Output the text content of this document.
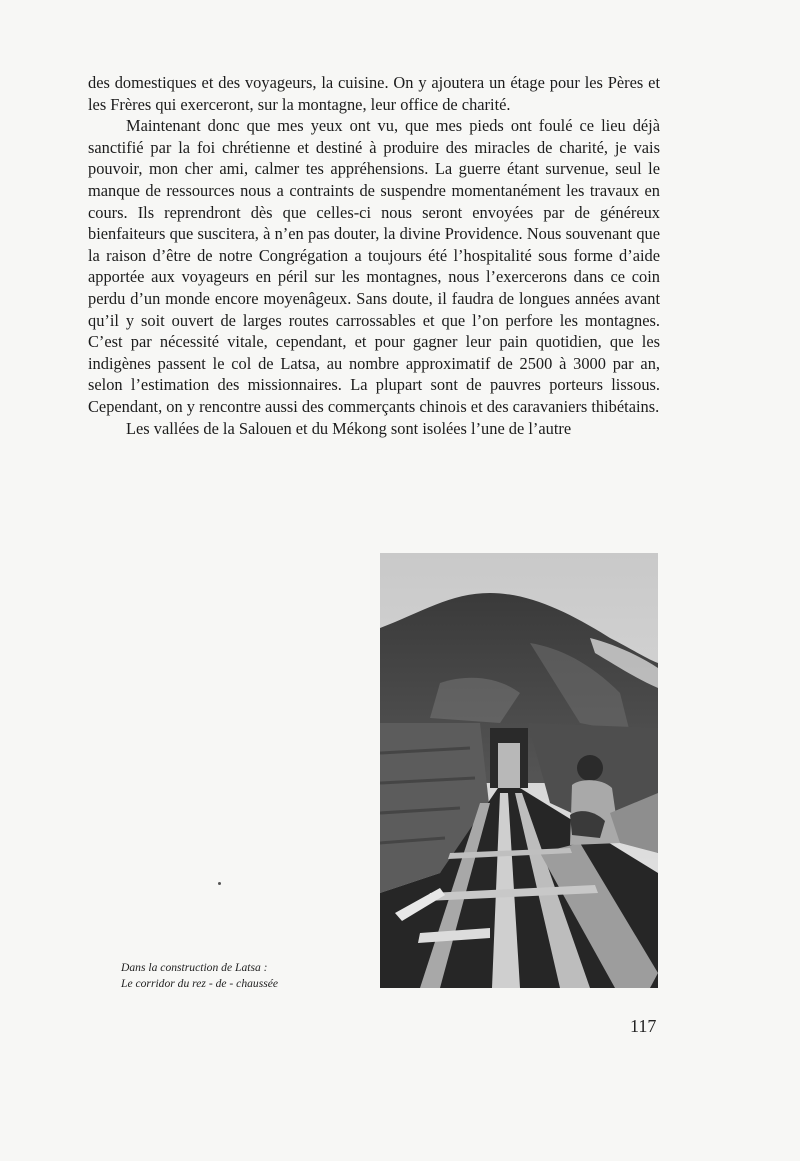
des domestiques et des voyageurs, la cuisine. On y ajoutera un étage pour les Pères et les Frères qui exerceront, sur la montagne, leur office de charité.

Maintenant donc que mes yeux ont vu, que mes pieds ont foulé ce lieu déjà sanctifié par la foi chrétienne et destiné à produire des miracles de charité, je vais pouvoir, mon cher ami, calmer tes appréhensions. La guerre étant survenue, seul le manque de ressources nous a contraints de suspendre momentanément les travaux en cours. Ils reprendront dès que celles-ci nous seront envoyées par de généreux bienfaiteurs que suscitera, à n’en pas douter, la divine Providence. Nous souvenant que la raison d’être de notre Congrégation a toujours été l’hospitalité sous forme d’aide apportée aux voyageurs en péril sur les montagnes, nous l’exercerons dans ce coin perdu d’un monde encore moyenâgeux. Sans doute, il faudra de longues années avant qu’il y soit ouvert de larges routes carrossables et que l’on perfore les montagnes. C’est par nécessité vitale, cependant, et pour gagner leur pain quotidien, que les indigènes passent le col de Latsa, au nombre approximatif de 2500 à 3000 par an, selon l’estimation des missionnaires. La plupart sont de pauvres porteurs lissous. Cependant, on y rencontre aussi des commerçants chinois et des caravaniers thibétains.

Les vallées de la Salouen et du Mékong sont isolées l’une de l’autre

Dans la construction de Latsa :
Le corridor du rez - de - chaussée
117
